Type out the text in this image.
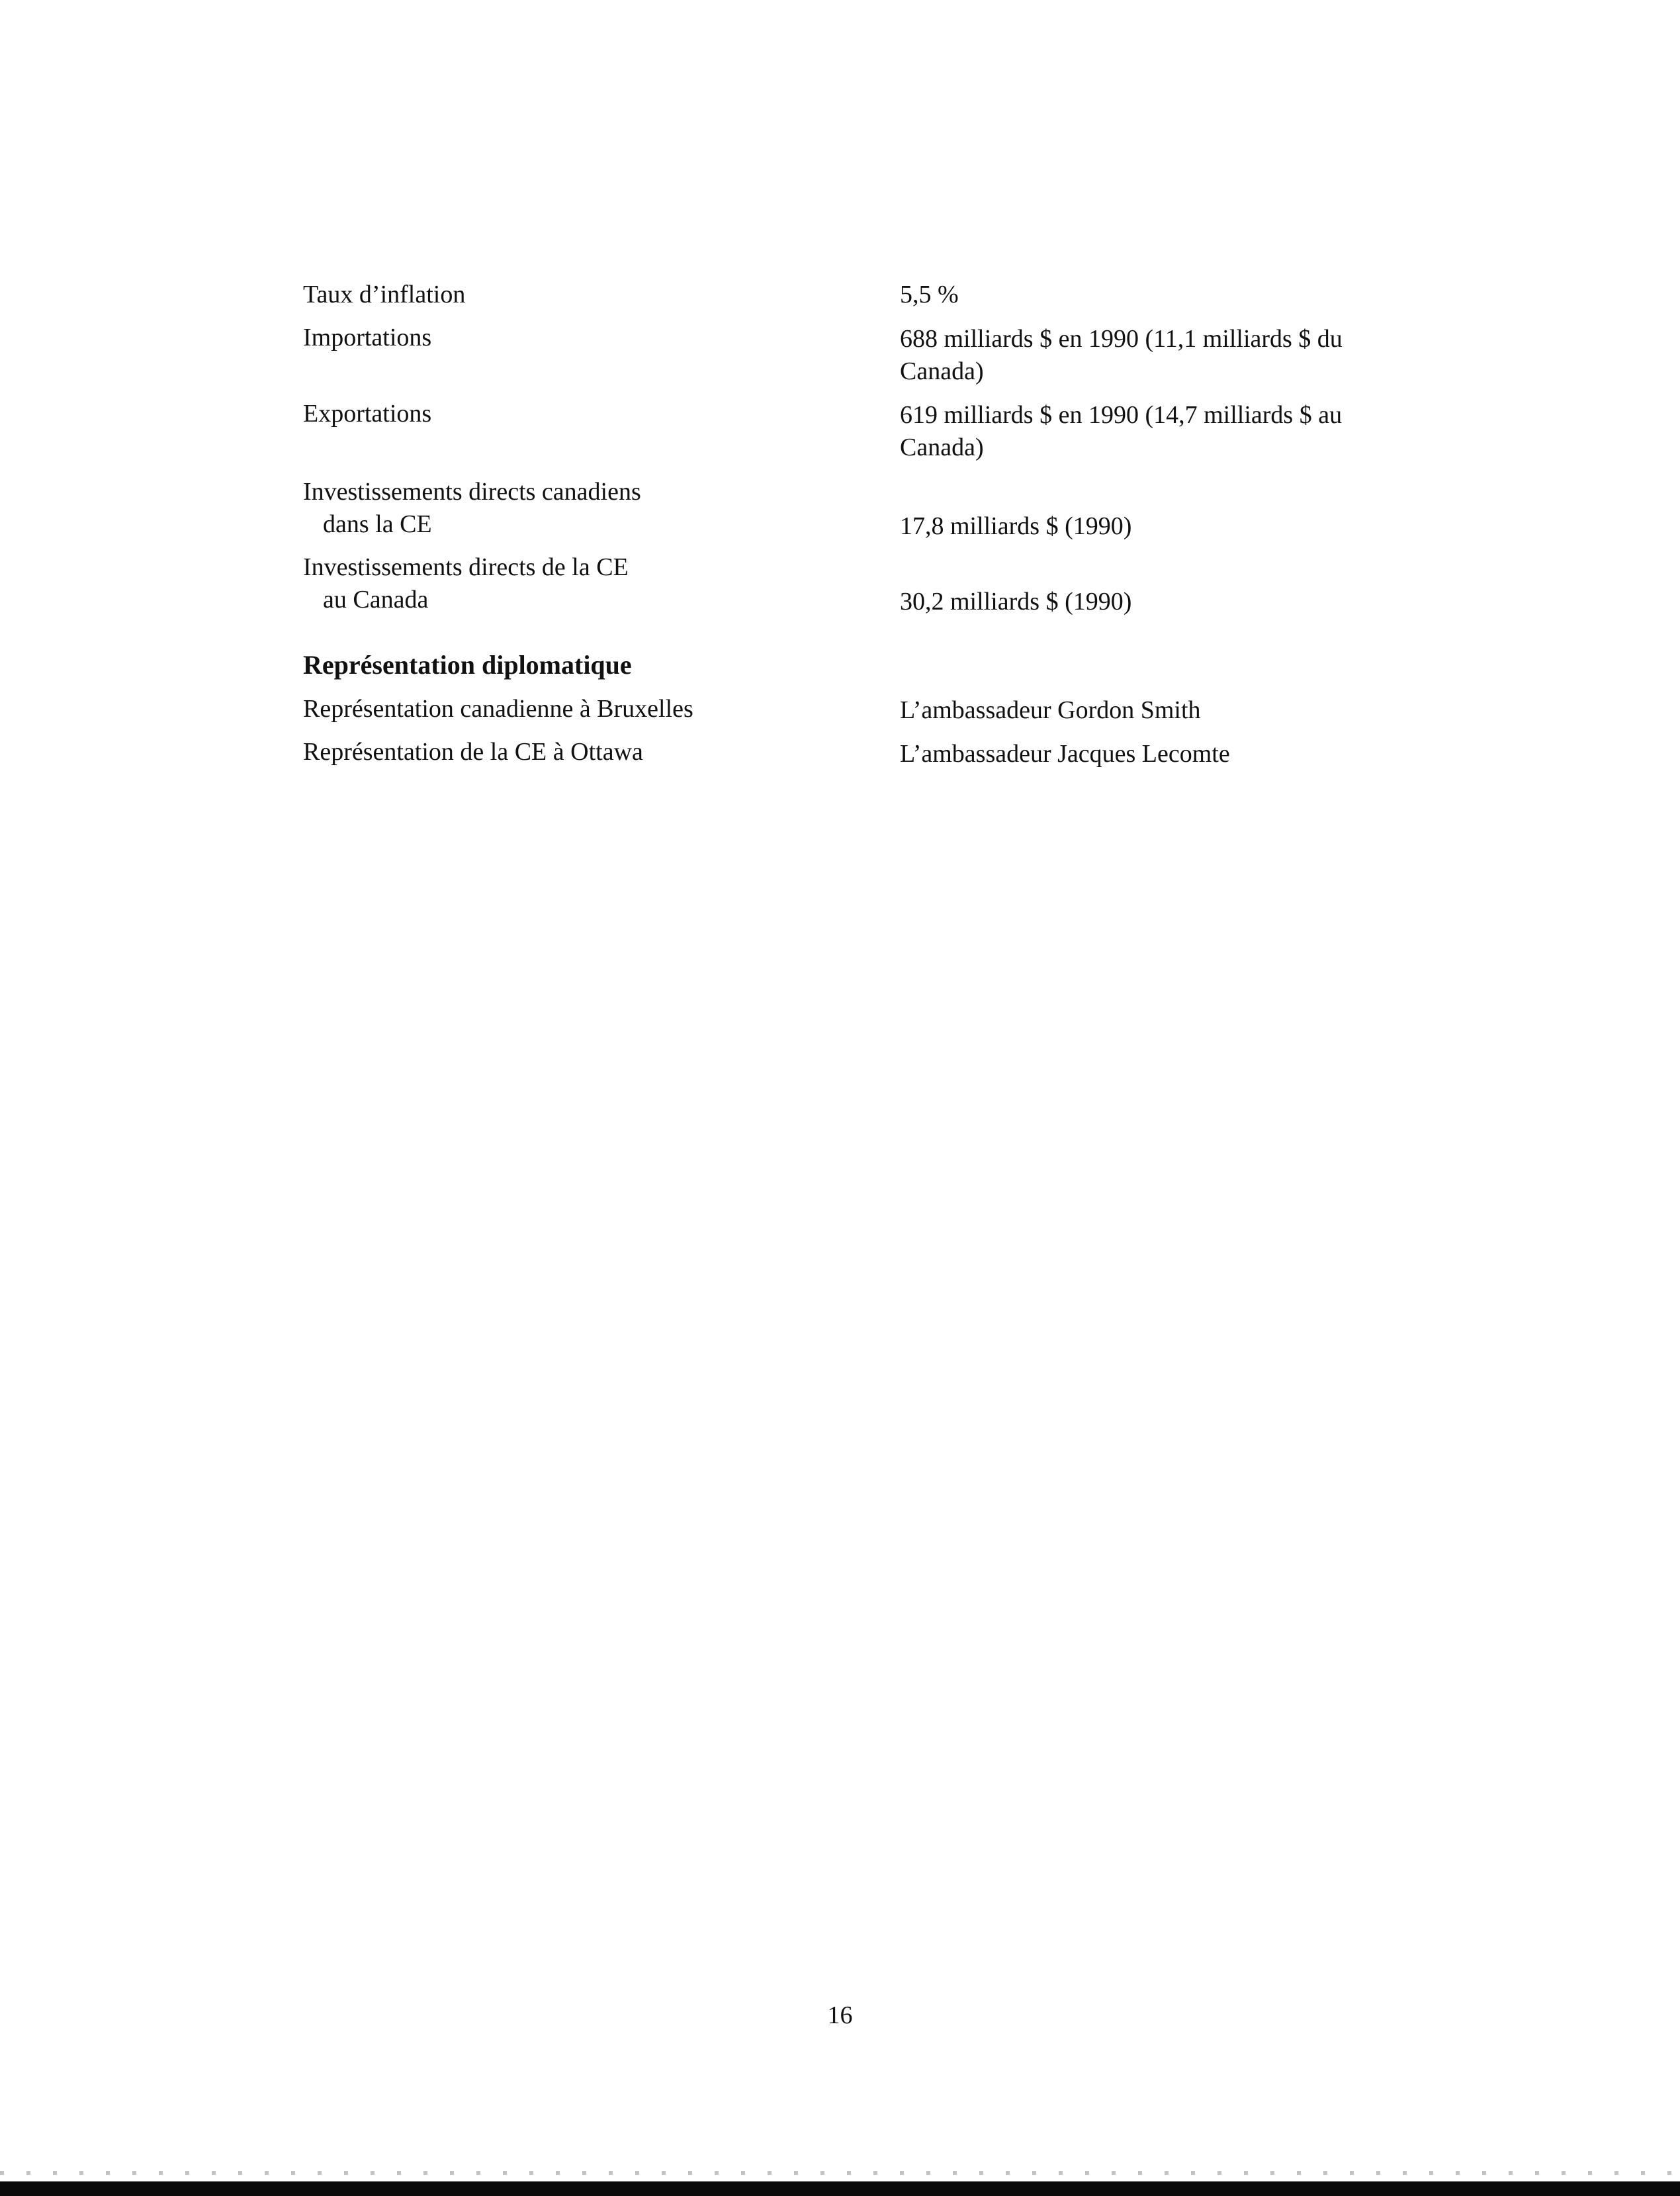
Taux d’inflation	5,5 %
Importations	688 milliards $ en 1990 (11,1 milliards $ du
Canada)
Exportations	619 milliards $ en 1990 (14,7 milliards $ au
Canada)
Investissements directs canadiens
dans la CE	17,8 milliards $ (1990)
Investissements directs de la CE
au Canada	30,2 milliards $ (1990)
Représentation diplomatique
Représentation canadienne à Bruxelles	L’ambassadeur Gordon Smith
Représentation de la CE à Ottawa	L’ambassadeur Jacques Lecomte
16
